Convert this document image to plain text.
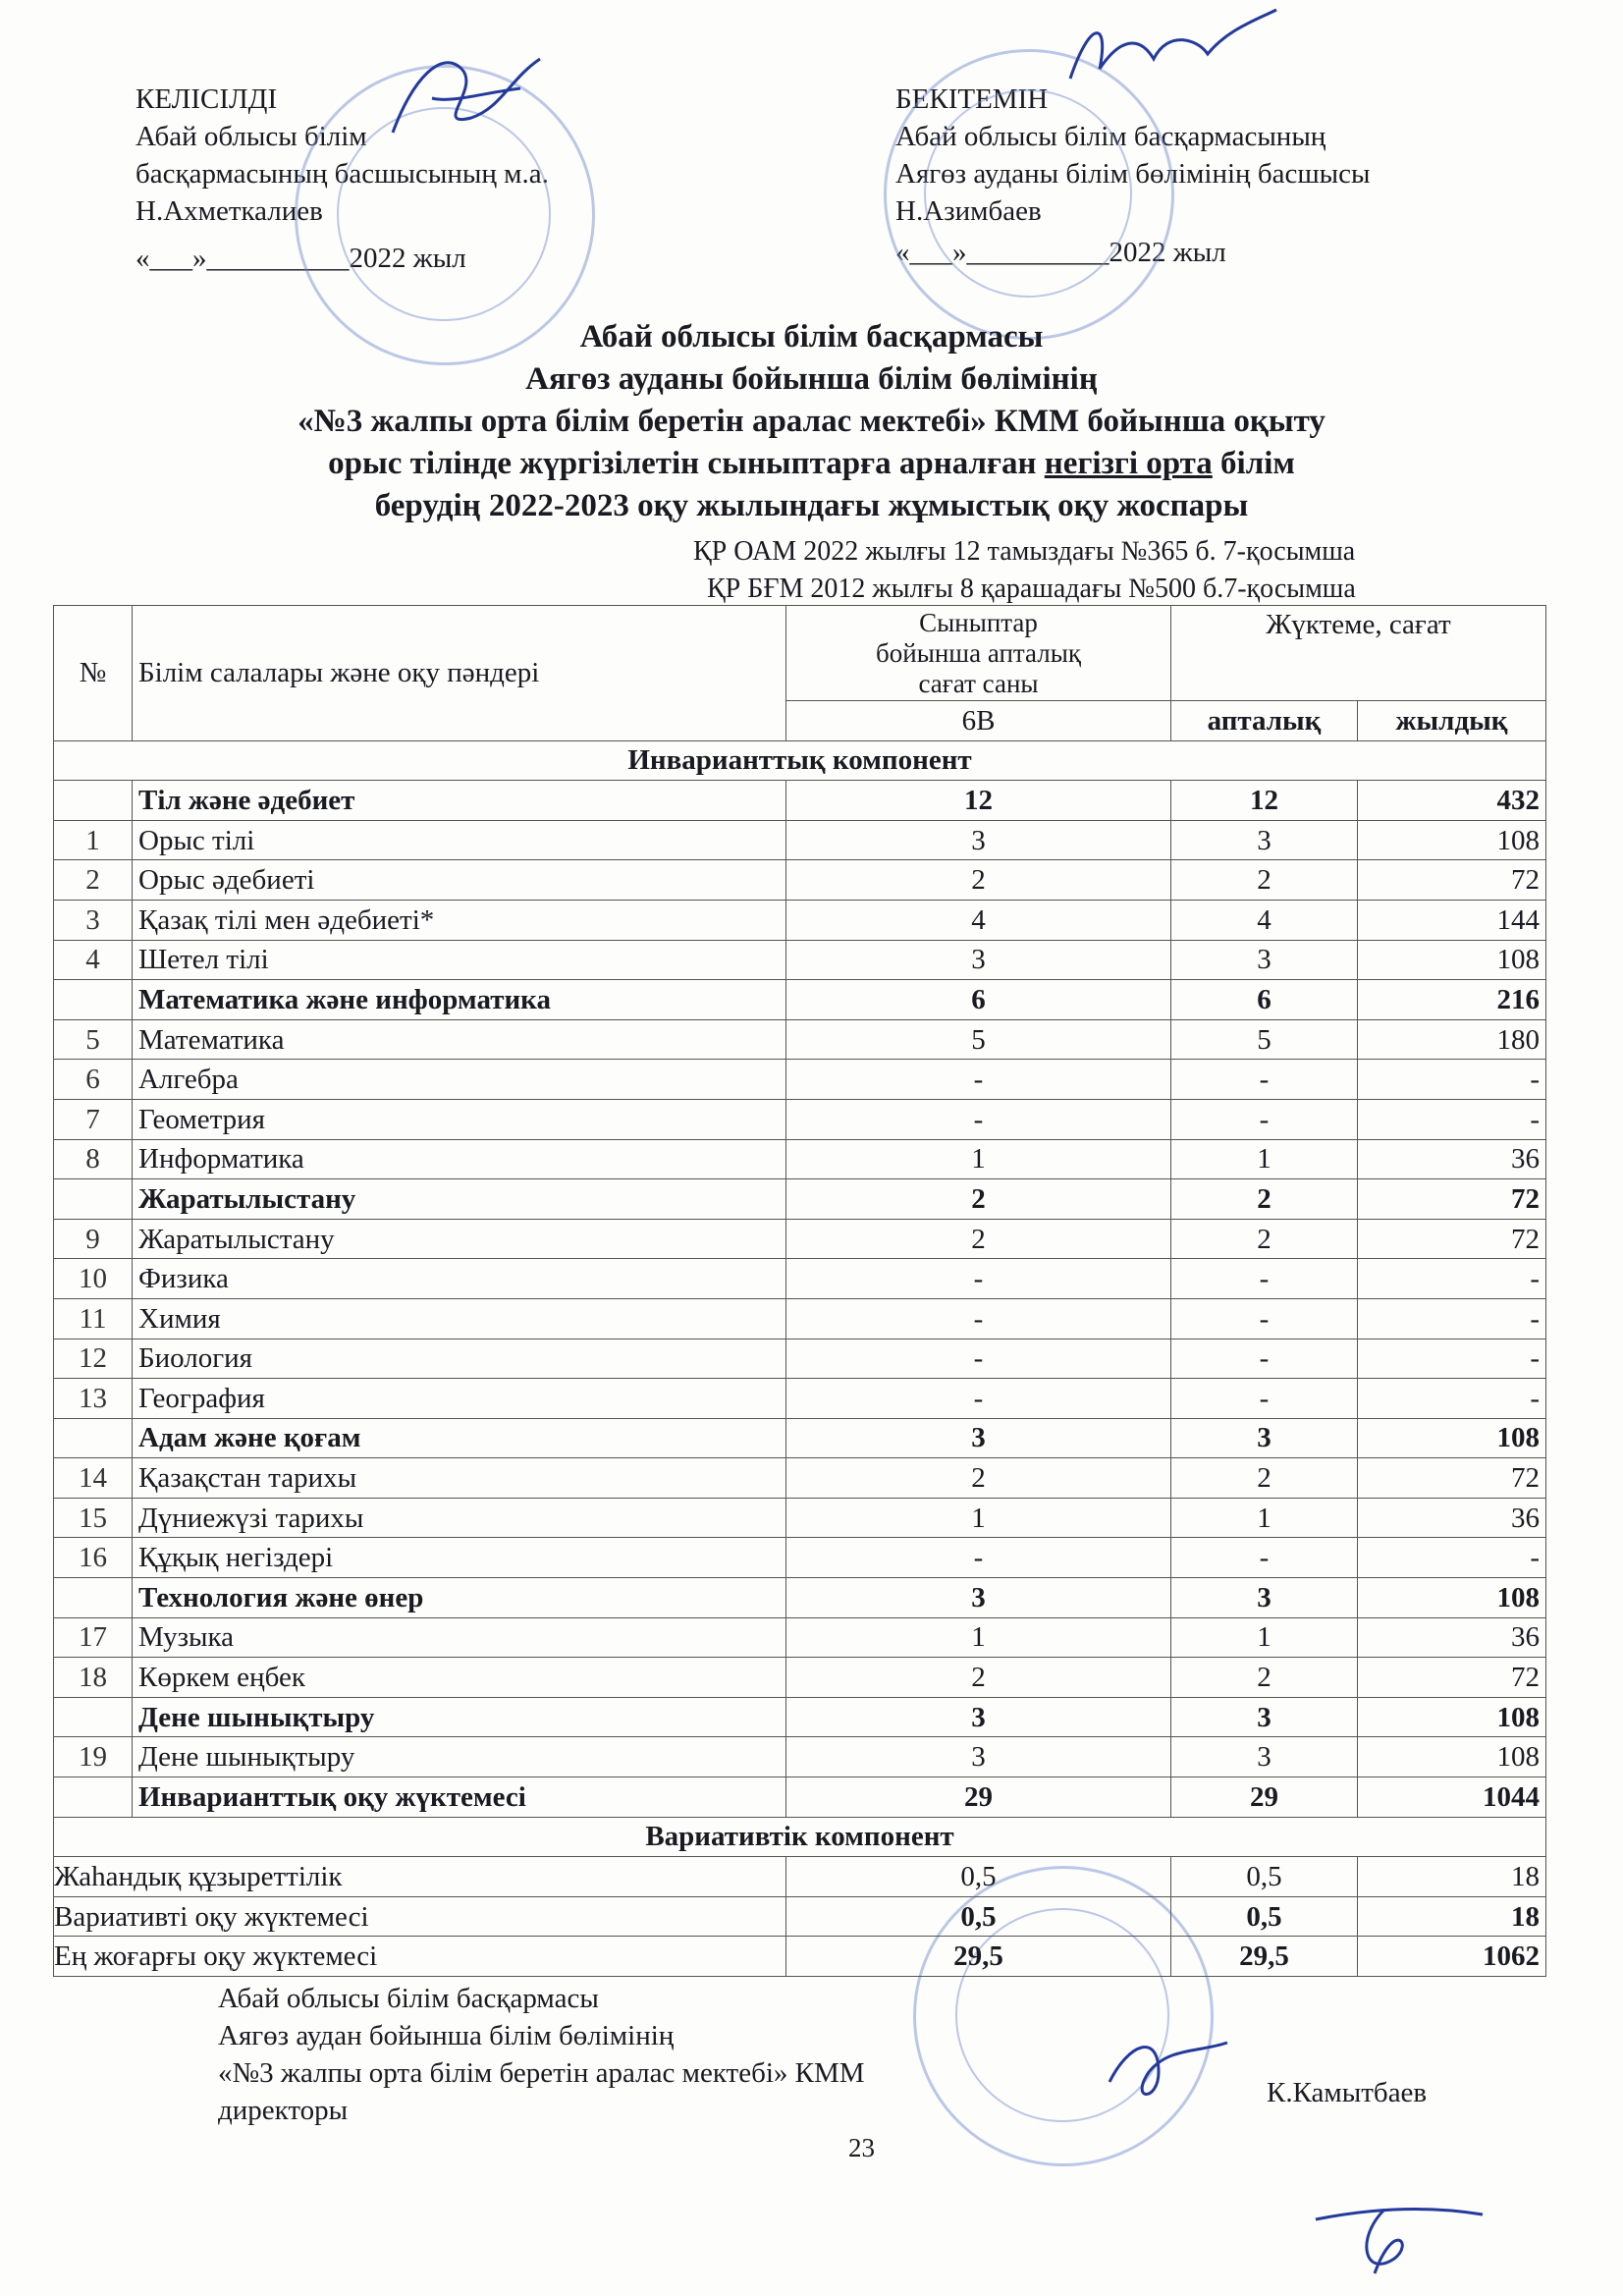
КЕЛІСІЛДІ
Абай облысы білім
басқармасының басшысының м.а.
Н.Ахметкалиев
«___»__________2022 жыл
БЕКІТЕМІН
Абай облысы білім басқармасының
Аягөз ауданы білім бөлімінің басшысы
Н.Азимбаев
«___»__________2022 жыл
Абай облысы білім басқармасы
Аягөз ауданы бойынша білім бөлімінің
«№3 жалпы орта білім беретін аралас мектебі» КММ бойынша оқыту
орыс тілінде жүргізілетін сыныптарға арналған негізгі орта білім
берудің 2022-2023 оқу жылындағы жұмыстық оқу жоспары
ҚР ОАМ 2022 жылғы 12 тамыздағы №365 б. 7-қосымша
ҚР БҒМ 2012 жылғы 8 қарашадағы №500 б.7-қосымша
№	Білім салалары және оқу пәндері	Сыныптар
бойынша апталық
сағат саны	Жүктеме, сағат	
		6В	апталық	жылдық
Инварианттық компонент				
	Тіл және әдебиет	12	12	432
1	Орыс тілі	3	3	108
2	Орыс әдебиеті	2	2	72
3	Қазақ тілі мен әдебиеті*	4	4	144
4	Шетел тілі	3	3	108
	Математика және информатика	6	6	216
5	Математика	5	5	180
6	Алгебра	-	-	-
7	Геометрия	-	-	-
8	Информатика	1	1	36
	Жаратылыстану	2	2	72
9	Жаратылыстану	2	2	72
10	Физика	-	-	-
11	Химия	-	-	-
12	Биология	-	-	-
13	География	-	-	-
	Адам және қоғам	3	3	108
14	Қазақстан тарихы	2	2	72
15	Дүниежүзі тарихы	1	1	36
16	Құқық негіздері	-	-	-
	Технология және өнер	3	3	108
17	Музыка	1	1	36
18	Көркем еңбек	2	2	72
	Дене шынықтыру	3	3	108
19	Дене шынықтыру	3	3	108
	Инварианттық оқу жүктемесі	29	29	1044
Вариативтік компонент				
Жаһандық құзыреттілік		0,5	0,5	18
Вариативті оқу жүктемесі		0,5	0,5	18
Ең жоғарғы оқу жүктемесі		29,5	29,5	1062
Абай облысы білім басқармасы
Аягөз аудан бойынша білім бөлімінің
«№3 жалпы орта білім беретін аралас мектебі» КММ
директоры
К.Камытбаев
23
